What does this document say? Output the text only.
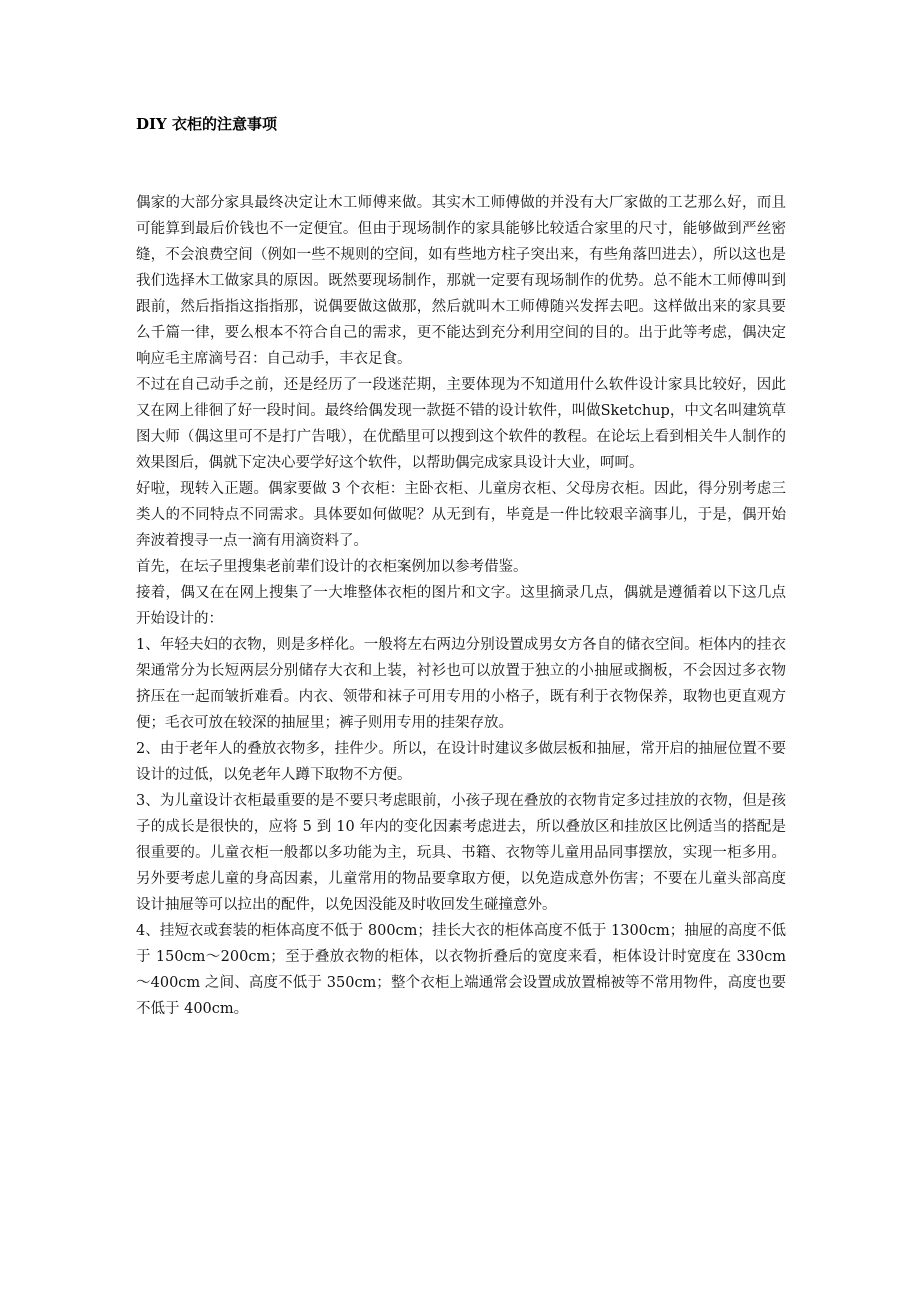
DIY 衣柜的注意事项

偶家的大部分家具最终决定让木工师傅来做。其实木工师傅做的并没有大厂家做的工艺那么好，而且可能算到最后价钱也不一定便宜。但由于现场制作的家具能够比较适合家里的尺寸，能够做到严丝密缝，不会浪费空间（例如一些不规则的空间，如有些地方柱子突出来，有些角落凹进去），所以这也是我们选择木工做家具的原因。既然要现场制作，那就一定要有现场制作的优势。总不能木工师傅叫到跟前，然后指指这指指那，说偶要做这做那，然后就叫木工师傅随兴发挥去吧。这样做出来的家具要么千篇一律，要么根本不符合自己的需求，更不能达到充分利用空间的目的。出于此等考虑，偶决定响应毛主席滴号召：自己动手，丰衣足食。

不过在自己动手之前，还是经历了一段迷茫期，主要体现为不知道用什么软件设计家具比较好，因此又在网上徘徊了好一段时间。最终给偶发现一款挺不错的设计软件，叫做Sketchup，中文名叫建筑草图大师（偶这里可不是打广告哦），在优酷里可以搜到这个软件的教程。在论坛上看到相关牛人制作的效果图后，偶就下定决心要学好这个软件，以帮助偶完成家具设计大业，呵呵。

好啦，现转入正题。偶家要做 3 个衣柜：主卧衣柜、儿童房衣柜、父母房衣柜。因此，得分别考虑三类人的不同特点不同需求。具体要如何做呢？从无到有，毕竟是一件比较艰辛滴事儿，于是，偶开始奔波着搜寻一点一滴有用滴资料了。

首先，在坛子里搜集老前辈们设计的衣柜案例加以参考借鉴。

接着，偶又在在网上搜集了一大堆整体衣柜的图片和文字。这里摘录几点，偶就是遵循着以下这几点开始设计的：

1、年轻夫妇的衣物，则是多样化。一般将左右两边分别设置成男女方各自的储衣空间。柜体内的挂衣架通常分为长短两层分别储存大衣和上装，衬衫也可以放置于独立的小抽屉或搁板，不会因过多衣物挤压在一起而皱折难看。内衣、领带和袜子可用专用的小格子，既有利于衣物保养，取物也更直观方便；毛衣可放在较深的抽屉里；裤子则用专用的挂架存放。

2、由于老年人的叠放衣物多，挂件少。所以，在设计时建议多做层板和抽屉，常开启的抽屉位置不要设计的过低，以免老年人蹲下取物不方便。

3、为儿童设计衣柜最重要的是不要只考虑眼前，小孩子现在叠放的衣物肯定多过挂放的衣物，但是孩子的成长是很快的，应将 5 到 10 年内的变化因素考虑进去，所以叠放区和挂放区比例适当的搭配是很重要的。儿童衣柜一般都以多功能为主，玩具、书籍、衣物等儿童用品同事摆放，实现一柜多用。另外要考虑儿童的身高因素，儿童常用的物品要拿取方便，以免造成意外伤害；不要在儿童头部高度设计抽屉等可以拉出的配件，以免因没能及时收回发生碰撞意外。

4、挂短衣或套装的柜体高度不低于 800cm；挂长大衣的柜体高度不低于 1300cm；抽屉的高度不低于 150cm～200cm；至于叠放衣物的柜体，以衣物折叠后的宽度来看，柜体设计时宽度在 330cm～400cm 之间、高度不低于 350cm；整个衣柜上端通常会设置成放置棉被等不常用物件，高度也要不低于 400cm。
